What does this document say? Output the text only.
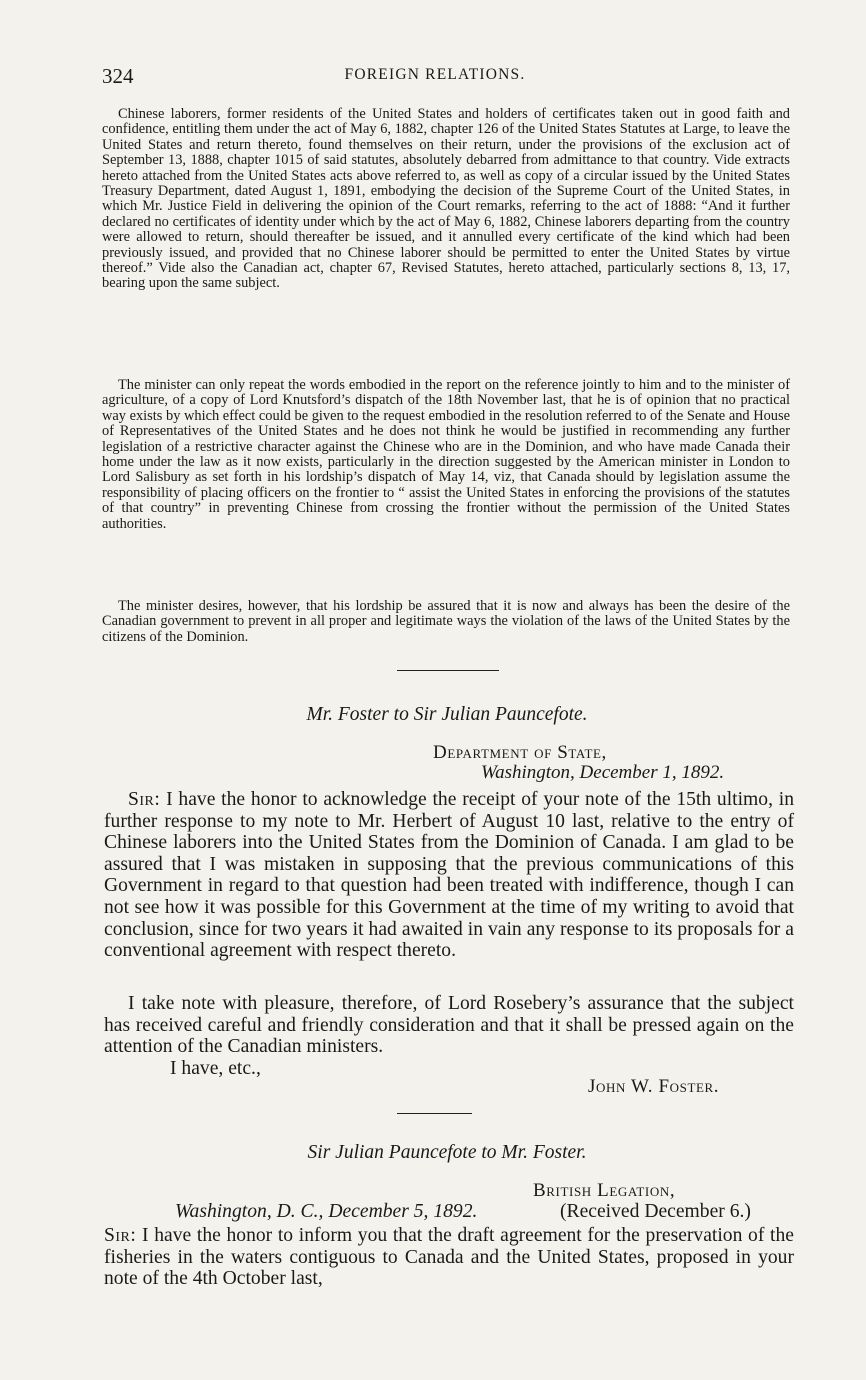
324	FOREIGN RELATIONS.

Chinese laborers, former residents of the United States and holders of certificates taken out in good faith and confidence, entitling them under the act of May 6, 1882, chapter 126 of the United States Statutes at Large, to leave the United States and return thereto, found themselves on their return, under the provisions of the exclusion act of September 13, 1888, chapter 1015 of said statutes, absolutely debarred from admittance to that country. Vide extracts hereto attached from the United States acts above referred to, as well as copy of a circular issued by the United States Treasury Department, dated August 1, 1891, embodying the decision of the Supreme Court of the United States, in which Mr. Justice Field in delivering the opinion of the Court remarks, referring to the act of 1888: “And it further declared no certificates of identity under which by the act of May 6, 1882, Chinese laborers departing from the country were allowed to return, should thereafter be issued, and it annulled every certificate of the kind which had been previously issued, and provided that no Chinese laborer should be permitted to enter the United States by virtue thereof.” Vide also the Canadian act, chapter 67, Revised Statutes, hereto attached, particularly sections 8, 13, 17, bearing upon the same subject.

The minister can only repeat the words embodied in the report on the reference jointly to him and to the minister of agriculture, of a copy of Lord Knutsford’s dispatch of the 18th November last, that he is of opinion that no practical way exists by which effect could be given to the request embodied in the resolution referred to of the Senate and House of Representatives of the United States and he does not think he would be justified in recommending any further legislation of a restrictive character against the Chinese who are in the Dominion, and who have made Canada their home under the law as it now exists, particularly in the direction suggested by the American minister in London to Lord Salisbury as set forth in his lordship’s dispatch of May 14, viz, that Canada should by legislation assume the responsibility of placing officers on the frontier to “ assist the United States in enforcing the provisions of the statutes of that country” in preventing Chinese from crossing the frontier without the permission of the United States authorities.

The minister desires, however, that his lordship be assured that it is now and always has been the desire of the Canadian government to prevent in all proper and legitimate ways the violation of the laws of the United States by the citizens of the Dominion.

Mr. Foster to Sir Julian Pauncefote.
Department of State,
Washington, December 1, 1892.

Sir: I have the honor to acknowledge the receipt of your note of the 15th ultimo, in further response to my note to Mr. Herbert of August 10 last, relative to the entry of Chinese laborers into the United States from the Dominion of Canada. I am glad to be assured that I was mistaken in supposing that the previous communications of this Government in regard to that question had been treated with indifference, though I can not see how it was possible for this Government at the time of my writing to avoid that conclusion, since for two years it had awaited in vain any response to its proposals for a conventional agreement with respect thereto.

I take note with pleasure, therefore, of Lord Rosebery’s assurance that the subject has received careful and friendly consideration and that it shall be pressed again on the attention of the Canadian ministers.

I have, etc.,
John W. Foster.
Sir Julian Pauncefote to Mr. Foster.
British Legation,
Washington, D. C., December 5, 1892.	(Received December 6.)

Sir: I have the honor to inform you that the draft agreement for the preservation of the fisheries in the waters contiguous to Canada and the United States, proposed in your note of the 4th October last,
